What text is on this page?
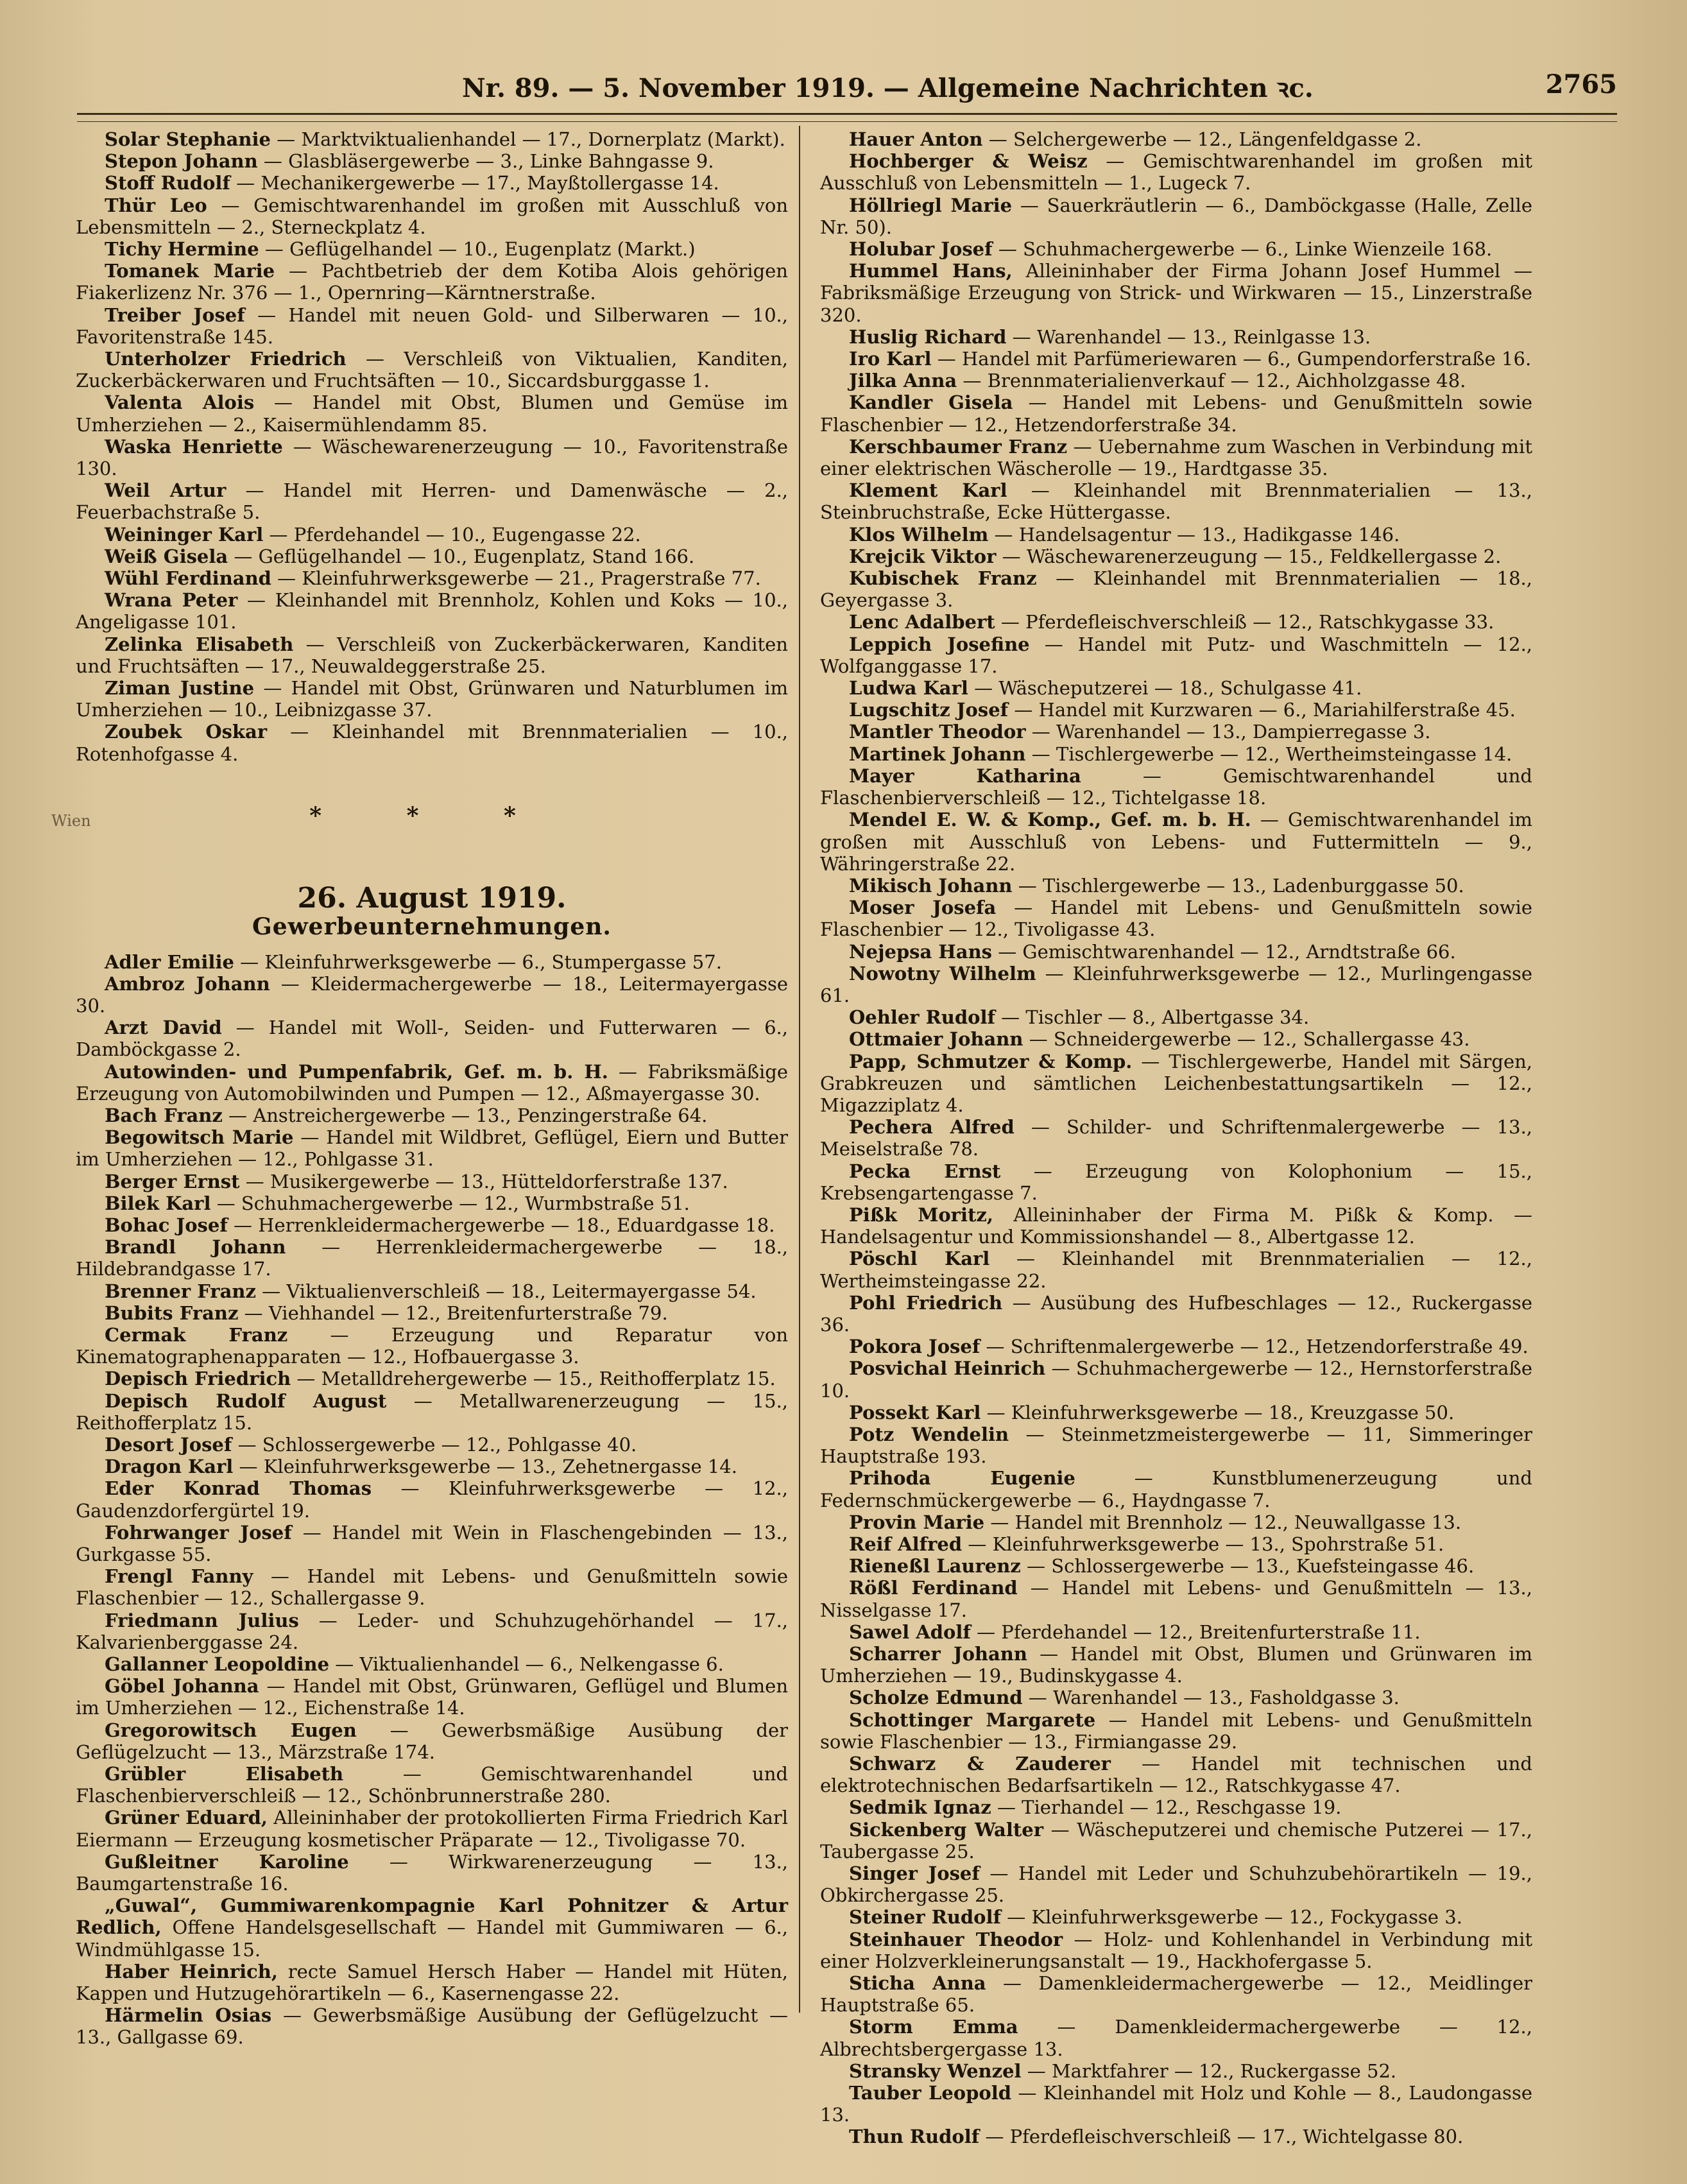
Nr. 89. — 5. November 1919. — Allgemeine Nachrichten ꝛc.	2765

Solar Stephanie — Marktviktualienhandel — 17., Dornerplatz (Markt).

Stepon Johann — Glasbläsergewerbe — 3., Linke Bahngasse 9.

Stoff Rudolf — Mechanikergewerbe — 17., Mayßtollergasse 14.

Thür Leo — Gemischtwarenhandel im großen mit Ausschluß von Lebensmitteln — 2., Sterneckplatz 4.

Tichy Hermine — Geflügelhandel — 10., Eugenplatz (Markt.)

Tomanek Marie — Pachtbetrieb der dem Kotiba Alois gehörigen Fiakerlizenz Nr. 376 — 1., Opernring—Kärntnerstraße.

Treiber Josef — Handel mit neuen Gold- und Silberwaren — 10., Favoritenstraße 145.

Unterholzer Friedrich — Verschleiß von Viktualien, Kanditen, Zuckerbäckerwaren und Fruchtsäften — 10., Siccardsburggasse 1.

Valenta Alois — Handel mit Obst, Blumen und Gemüse im Umherziehen — 2., Kaisermühlendamm 85.

Waska Henriette — Wäschewarenerzeugung — 10., Favoritenstraße 130.

Weil Artur — Handel mit Herren- und Damenwäsche — 2., Feuerbachstraße 5.

Weininger Karl — Pferdehandel — 10., Eugengasse 22.

Weiß Gisela — Geflügelhandel — 10., Eugenplatz, Stand 166.

Wühl Ferdinand — Kleinfuhrwerksgewerbe — 21., Pragerstraße 77.

Wrana Peter — Kleinhandel mit Brennholz, Kohlen und Koks — 10., Angeligasse 101.

Zelinka Elisabeth — Verschleiß von Zuckerbäckerwaren, Kanditen und Fruchtsäften — 17., Neuwaldeggerstraße 25.

Ziman Justine — Handel mit Obst, Grünwaren und Naturblumen im Umherziehen — 10., Leibnizgasse 37.

Zoubek Oskar — Kleinhandel mit Brennmaterialien — 10., Rotenhofgasse 4.

Wien	* * *
26. August 1919.
Gewerbeunternehmungen.

Adler Emilie — Kleinfuhrwerksgewerbe — 6., Stumpergasse 57.

Ambroz Johann — Kleidermachergewerbe — 18., Leitermayergasse 30.

Arzt David — Handel mit Woll-, Seiden- und Futterwaren — 6., Damböckgasse 2.

Autowinden- und Pumpenfabrik, Gef. m. b. H. — Fabriksmäßige Erzeugung von Automobilwinden und Pumpen — 12., Aßmayergasse 30.

Bach Franz — Anstreichergewerbe — 13., Penzingerstraße 64.

Begowitsch Marie — Handel mit Wildbret, Geflügel, Eiern und Butter im Umherziehen — 12., Pohlgasse 31.

Berger Ernst — Musikergewerbe — 13., Hütteldorferstraße 137.

Bilek Karl — Schuhmachergewerbe — 12., Wurmbstraße 51.

Bohac Josef — Herrenkleidermachergewerbe — 18., Eduardgasse 18.

Brandl Johann — Herrenkleidermachergewerbe — 18., Hildebrandgasse 17.

Brenner Franz — Viktualienverschleiß — 18., Leitermayergasse 54.

Bubits Franz — Viehhandel — 12., Breitenfurterstraße 79.

Cermak Franz — Erzeugung und Reparatur von Kinematographenapparaten — 12., Hofbauergasse 3.

Depisch Friedrich — Metalldrehergewerbe — 15., Reithofferplatz 15.

Depisch Rudolf August — Metallwarenerzeugung — 15., Reithofferplatz 15.

Desort Josef — Schlossergewerbe — 12., Pohlgasse 40.

Dragon Karl — Kleinfuhrwerksgewerbe — 13., Zehetnergasse 14.

Eder Konrad Thomas — Kleinfuhrwerksgewerbe — 12., Gaudenzdorfergürtel 19.

Fohrwanger Josef — Handel mit Wein in Flaschengebinden — 13., Gurkgasse 55.

Frengl Fanny — Handel mit Lebens- und Genußmitteln sowie Flaschenbier — 12., Schallergasse 9.

Friedmann Julius — Leder- und Schuhzugehörhandel — 17., Kalvarienberggasse 24.

Gallanner Leopoldine — Viktualienhandel — 6., Nelkengasse 6.

Göbel Johanna — Handel mit Obst, Grünwaren, Geflügel und Blumen im Umherziehen — 12., Eichenstraße 14.

Gregorowitsch Eugen — Gewerbsmäßige Ausübung der Geflügelzucht — 13., Märzstraße 174.

Grübler Elisabeth — Gemischtwarenhandel und Flaschenbierverschleiß — 12., Schönbrunnerstraße 280.

Grüner Eduard, Alleininhaber der protokollierten Firma Friedrich Karl Eiermann — Erzeugung kosmetischer Präparate — 12., Tivoligasse 70.

Gußleitner Karoline — Wirkwarenerzeugung — 13., Baumgartenstraße 16.

„Guwal“, Gummiwarenkompagnie Karl Pohnitzer & Artur Redlich, Offene Handelsgesellschaft — Handel mit Gummiwaren — 6., Windmühlgasse 15.

Haber Heinrich, recte Samuel Hersch Haber — Handel mit Hüten, Kappen und Hutzugehörartikeln — 6., Kasernengasse 22.

Härmelin Osias — Gewerbsmäßige Ausübung der Geflügelzucht — 13., Gallgasse 69.

Hauer Anton — Selchergewerbe — 12., Längenfeldgasse 2.

Hochberger & Weisz — Gemischtwarenhandel im großen mit Ausschluß von Lebensmitteln — 1., Lugeck 7.

Höllriegl Marie — Sauerkräutlerin — 6., Damböckgasse (Halle, Zelle Nr. 50).

Holubar Josef — Schuhmachergewerbe — 6., Linke Wienzeile 168.

Hummel Hans, Alleininhaber der Firma Johann Josef Hummel — Fabriksmäßige Erzeugung von Strick- und Wirkwaren — 15., Linzerstraße 320.

Huslig Richard — Warenhandel — 13., Reinlgasse 13.

Iro Karl — Handel mit Parfümeriewaren — 6., Gumpendorferstraße 16.

Jilka Anna — Brennmaterialienverkauf — 12., Aichholzgasse 48.

Kandler Gisela — Handel mit Lebens- und Genußmitteln sowie Flaschenbier — 12., Hetzendorferstraße 34.

Kerschbaumer Franz — Uebernahme zum Waschen in Verbindung mit einer elektrischen Wäscherolle — 19., Hardtgasse 35.

Klement Karl — Kleinhandel mit Brennmaterialien — 13., Steinbruchstraße, Ecke Hüttergasse.

Klos Wilhelm — Handelsagentur — 13., Hadikgasse 146.

Krejcik Viktor — Wäschewarenerzeugung — 15., Feldkellergasse 2.

Kubischek Franz — Kleinhandel mit Brennmaterialien — 18., Geyergasse 3.

Lenc Adalbert — Pferdefleischverschleiß — 12., Ratschkygasse 33.

Leppich Josefine — Handel mit Putz- und Waschmitteln — 12., Wolfganggasse 17.

Ludwa Karl — Wäscheputzerei — 18., Schulgasse 41.

Lugschitz Josef — Handel mit Kurzwaren — 6., Mariahilferstraße 45.

Mantler Theodor — Warenhandel — 13., Dampierregasse 3.

Martinek Johann — Tischlergewerbe — 12., Wertheimsteingasse 14.

Mayer Katharina — Gemischtwarenhandel und Flaschenbierverschleiß — 12., Tichtelgasse 18.

Mendel E. W. & Komp., Gef. m. b. H. — Gemischtwarenhandel im großen mit Ausschluß von Lebens- und Futtermitteln — 9., Währingerstraße 22.

Mikisch Johann — Tischlergewerbe — 13., Ladenburggasse 50.

Moser Josefa — Handel mit Lebens- und Genußmitteln sowie Flaschenbier — 12., Tivoligasse 43.

Nejepsa Hans — Gemischtwarenhandel — 12., Arndtstraße 66.

Nowotny Wilhelm — Kleinfuhrwerksgewerbe — 12., Murlingengasse 61.

Oehler Rudolf — Tischler — 8., Albertgasse 34.

Ottmaier Johann — Schneidergewerbe — 12., Schallergasse 43.

Papp, Schmutzer & Komp. — Tischlergewerbe, Handel mit Särgen, Grabkreuzen und sämtlichen Leichenbestattungsartikeln — 12., Migazziplatz 4.

Pechera Alfred — Schilder- und Schriftenmalergewerbe — 13., Meiselstraße 78.

Pecka Ernst — Erzeugung von Kolophonium — 15., Krebsengartengasse 7.

Pißk Moritz, Alleininhaber der Firma M. Pißk & Komp. — Handelsagentur und Kommissionshandel — 8., Albertgasse 12.

Pöschl Karl — Kleinhandel mit Brennmaterialien — 12., Wertheimsteingasse 22.

Pohl Friedrich — Ausübung des Hufbeschlages — 12., Ruckergasse 36.

Pokora Josef — Schriftenmalergewerbe — 12., Hetzendorferstraße 49.

Posvichal Heinrich — Schuhmachergewerbe — 12., Hernstorferstraße 10.

Possekt Karl — Kleinfuhrwerksgewerbe — 18., Kreuzgasse 50.

Potz Wendelin — Steinmetzmeistergewerbe — 11, Simmeringer Hauptstraße 193.

Prihoda Eugenie — Kunstblumenerzeugung und Federnschmückergewerbe — 6., Haydngasse 7.

Provin Marie — Handel mit Brennholz — 12., Neuwallgasse 13.

Reif Alfred — Kleinfuhrwerksgewerbe — 13., Spohrstraße 51.

Rieneßl Laurenz — Schlossergewerbe — 13., Kuefsteingasse 46.

Rößl Ferdinand — Handel mit Lebens- und Genußmitteln — 13., Nisselgasse 17.

Sawel Adolf — Pferdehandel — 12., Breitenfurterstraße 11.

Scharrer Johann — Handel mit Obst, Blumen und Grünwaren im Umherziehen — 19., Budinskygasse 4.

Scholze Edmund — Warenhandel — 13., Fasholdgasse 3.

Schottinger Margarete — Handel mit Lebens- und Genußmitteln sowie Flaschenbier — 13., Firmiangasse 29.

Schwarz & Zauderer — Handel mit technischen und elektrotechnischen Bedarfsartikeln — 12., Ratschkygasse 47.

Sedmik Ignaz — Tierhandel — 12., Reschgasse 19.

Sickenberg Walter — Wäscheputzerei und chemische Putzerei — 17., Taubergasse 25.

Singer Josef — Handel mit Leder und Schuhzubehörartikeln — 19., Obkirchergasse 25.

Steiner Rudolf — Kleinfuhrwerksgewerbe — 12., Fockygasse 3.

Steinhauer Theodor — Holz- und Kohlenhandel in Verbindung mit einer Holzverkleinerungsanstalt — 19., Hackhofergasse 5.

Sticha Anna — Damenkleidermachergewerbe — 12., Meidlinger Hauptstraße 65.

Storm Emma — Damenkleidermachergewerbe — 12., Albrechtsbergergasse 13.

Stransky Wenzel — Marktfahrer — 12., Ruckergasse 52.

Tauber Leopold — Kleinhandel mit Holz und Kohle — 8., Laudongasse 13.

Thun Rudolf — Pferdefleischverschleiß — 17., Wichtelgasse 80.
